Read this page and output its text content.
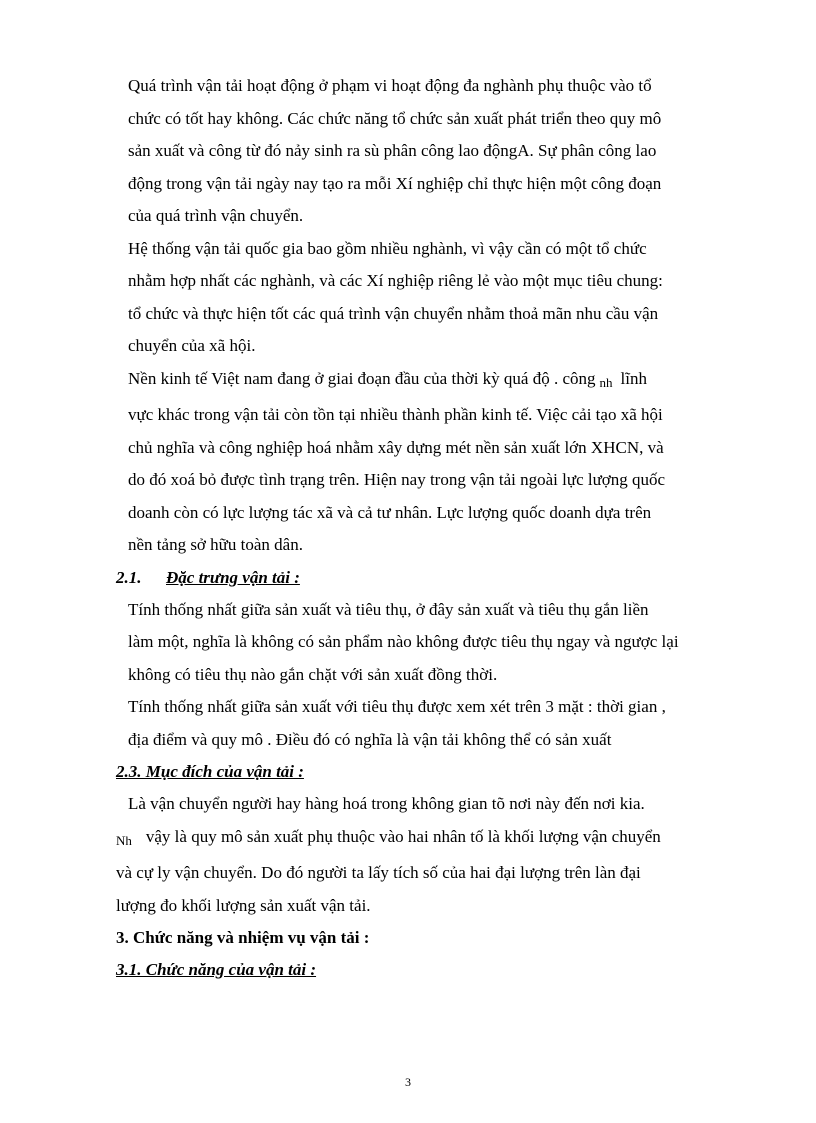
Quá trình vận tải hoạt động ở phạm vi hoạt động đa nghành phụ thuộc vào tổ
chức có tốt hay không. Các chức năng tổ chức sản xuất phát triển theo quy mô
sản xuất và công từ đó nảy sinh ra sù phân công lao độngA. Sự phân công lao
động trong vận tải ngày nay tạo ra mỗi Xí nghiệp chỉ thực hiện một công đoạn
của quá trình vận chuyển.

Hệ thống vận tải quốc gia bao gồm nhiều nghành, vì vậy cần có một tổ chức
nhằm hợp nhất các nghành, và các Xí nghiệp riêng lẻ vào một mục tiêu chung:
tổ chức và thực hiện tốt các quá trình vận chuyển nhằm thoả mãn nhu cầu vận
chuyển của xã hội.

Nền kinh tế Việt nam đang ở giai đoạn đầu của thời kỳ quá độ . công nh lĩnh
vực khác trong vận tải còn tồn tại nhiều thành phần kinh tế. Việc cải tạo xã hội
chủ nghĩa và công nghiệp hoá nhằm xây dựng mét nền sản xuất lớn XHCN, và
do đó xoá bỏ được tình trạng trên. Hiện nay trong vận tải ngoài lực lượng quốc
doanh còn có lực lượng tác xã và cả tư nhân. Lực lượng quốc doanh dựa trên
nền tảng sở hữu toàn dân.

2.1. Đặc trưng vận tải :

Tính thống nhất giữa sản xuất và tiêu thụ, ở đây sản xuất và tiêu thụ gắn liền
làm một, nghĩa là không có sản phẩm nào không được tiêu thụ ngay và ngược lại
không có tiêu thụ nào gắn chặt với sản xuất đồng thời.

Tính thống nhất giữa sản xuất với tiêu thụ được xem xét trên 3 mặt : thời gian ,
địa điểm và quy mô . Điều đó có nghĩa là vận tải không thể có sản xuất

2.3. Mục đích của vận tải :

Là vận chuyển người hay hàng hoá trong không gian tõ nơi này đến nơi kia.
Nh vậy là quy mô sản xuất phụ thuộc vào hai nhân tố là khối lượng vận chuyển
và cự ly vận chuyển. Do đó người ta lấy tích số của hai đại lượng trên làn đại
lượng đo khối lượng sản xuất vận tải.

3. Chức năng và nhiệm vụ vận tải :

3.1. Chức năng của vận tải :

3
